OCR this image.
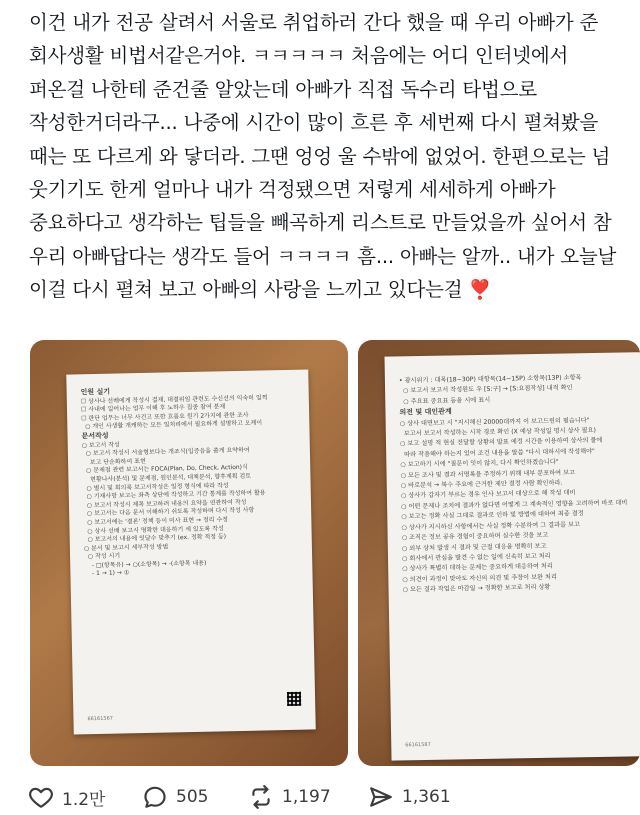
이건 내가 전공 살려서 서울로 취업하러 간다 했을 때 우리 아빠가 준 회사생활 비법서같은거야. ㅋㅋㅋㅋㅋ 처음에는 어디 인터넷에서 퍼온걸 나한테 준건줄 알았는데 아빠가 직접 독수리 타법으로 작성한거더라구... 나중에 시간이 많이 흐른 후 세번째 다시 펼쳐봤을 때는 또 다르게 와 닿더라. 그땐 엉엉 울 수밖에 없었어. 한편으로는 넘 웃기기도 한게 얼마나 내가 걱정됐으면 저렇게 세세하게 아빠가 중요하다고 생각하는 팁들을 빼곡하게 리스트로 만들었을까 싶어서 참 우리 아빠답다는 생각도 들어 ㅋㅋㅋㅋ 흠... 아빠는 알까.. 내가 오늘날 이걸 다시 펼쳐 보고 아빠의 사랑을 느끼고 있다는걸 ❣️
인원 실기
☐ 상사나 선배에게 작성시 결재, 대결위임 관련도 수신선의 익숙히 일찍
☐ 사내에 일어나는 업무 이해 후 노하우 집중 참여 분재
☐ 판단 업무는 너무 사건고 또한 흐를요 원기 2가지에 관한 조사
○ 개인 사생활 개캐하는 모든 일처리에서 필요하게 설명하고 오케이
문서작성
○ 보고서 작성
○ 보고서 작성시 서술형보다는 개조식(입증음을 쓸게 요약하여
보고 단순화하여 표현
○ 문제점 관련 보고서는 FOCA(Plan, Do, Check, Action)식
현황나사(분석) 및 문제점, 원인분석, 대책분석, 향후계획 검토
○ 별시 및 회의록 보고서작성은 일정 형식에 따라 작성
○ 기재사항 보고는 좌측 상단에 작성하고 기간 통계를 작성하여 활용
○ 보고서 작성시 제목 보고하려 내용의 요약을 연관하여 작성
○ 보고서는 다음 문서 이해하기 쉬도록 작성하며 다시 작성 사항
○ 보고서에는 '결론' 정책 등이 미사 표현 → 정리 수정
○ 상사 선배 보고시 명확한 대응하기 세 있도록 작성
○ 보고서의 내용에 잇달수 맞추기 (ex. 정확 적정 등)
○ 분서 및 보고시 세부작성 방법
○ 작성 시기
- □(항목유) → ○(소항목) → -(소항목 내용)
- 1 → 1) → ①
66161567
• 광시위기 : 대목(18~30P) 대항목(14~15P) 소항목(13P) 소항목
○ 보고서 보고서 작성원도 우 [S:구] → [S:요점작성] 내적 확인
○ 주요표 중요표 등을 시에 표시
의전 및 대인관계
○ 상사 대면보고 시 "지시해신 20000대까지 이 보고드린의 필습니다"
보고서 보고서 작성하는 시작 경로 확인 (X 예상 작성일 명시 상사 필요)
○ 보고 설명 적 현실 전달할 상황의 발표 예정 시간을 이용하여 상사의 불에
따라 작용해야 하는지 있어 조건 내용을 말씀 "다시 대하시에 작성해야"
○ 보고하기 시에 "질문이 잇이 않지, 다시 확인하겠습니다"
○ 모든 조사 및 결과 서명록을 주정하기 위해 내부 분포하여 보고
○ 바로분석 → 복수 주요에 근거한 제안 결정 사람 확인하라.
○ 상사가 갑자기 부르는 경우 인사 보고서 대상으로 해 작성 대비
○ 어떤 문제나 조치에 결과가 없다면 어떻게 그 계속적인 영향을 고려하여 바로 대비
○ 보고는 정확 사실 그대로 결과로 인하 및 방법에 대하여 최종 결정
○ 상사가 지시하신 사항에서는 사실 정확 수분하여 그 결과를 보고
○ 조직은 정보 공유 경험이 중요하며 실수한 것을 보고
○ 외부 상처 발생 시 결과 및 근절 대응을 명확히 보고
○ 회사에서 관심을 발견 수 없는 일에 신속히 보고 처리
○ 상사가 특별히 대하는 문제는 중요하게 대응하여 처리
○ 의견이 과정이 맞아도 자신의 의견 및 주장이 보완 처리
○ 모든 결과 작업은 마감일 → 정확한 보고로 처리 상황
66161587
1.2만	505	1,197	1,361
